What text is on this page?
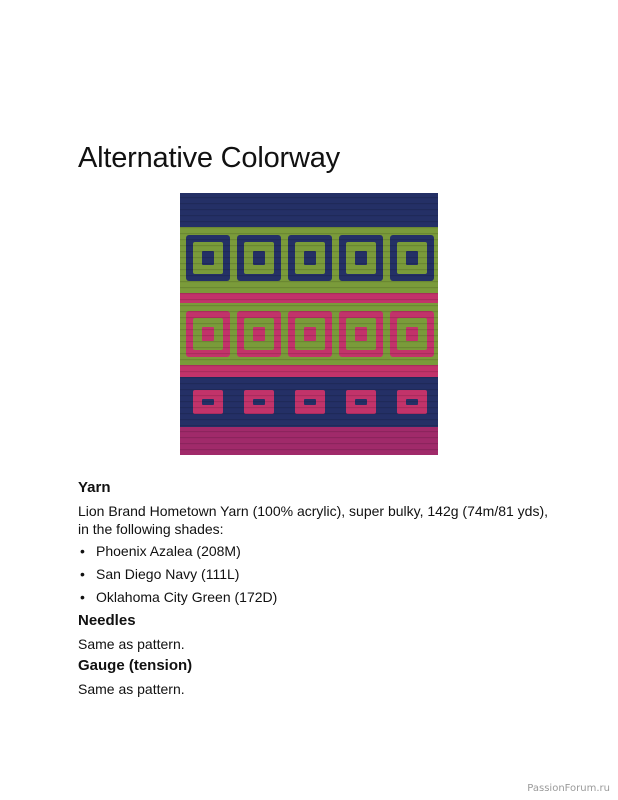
Alternative Colorway
Yarn

Lion Brand Hometown Yarn (100% acrylic), super bulky, 142g (74m/81 yds), in the following shades:

• Phoenix Azalea (208M)
• San Diego Navy (111L)
• Oklahoma City Green (172D)
Needles

Same as pattern.

Gauge (tension)

Same as pattern.

PassionForum.ru
